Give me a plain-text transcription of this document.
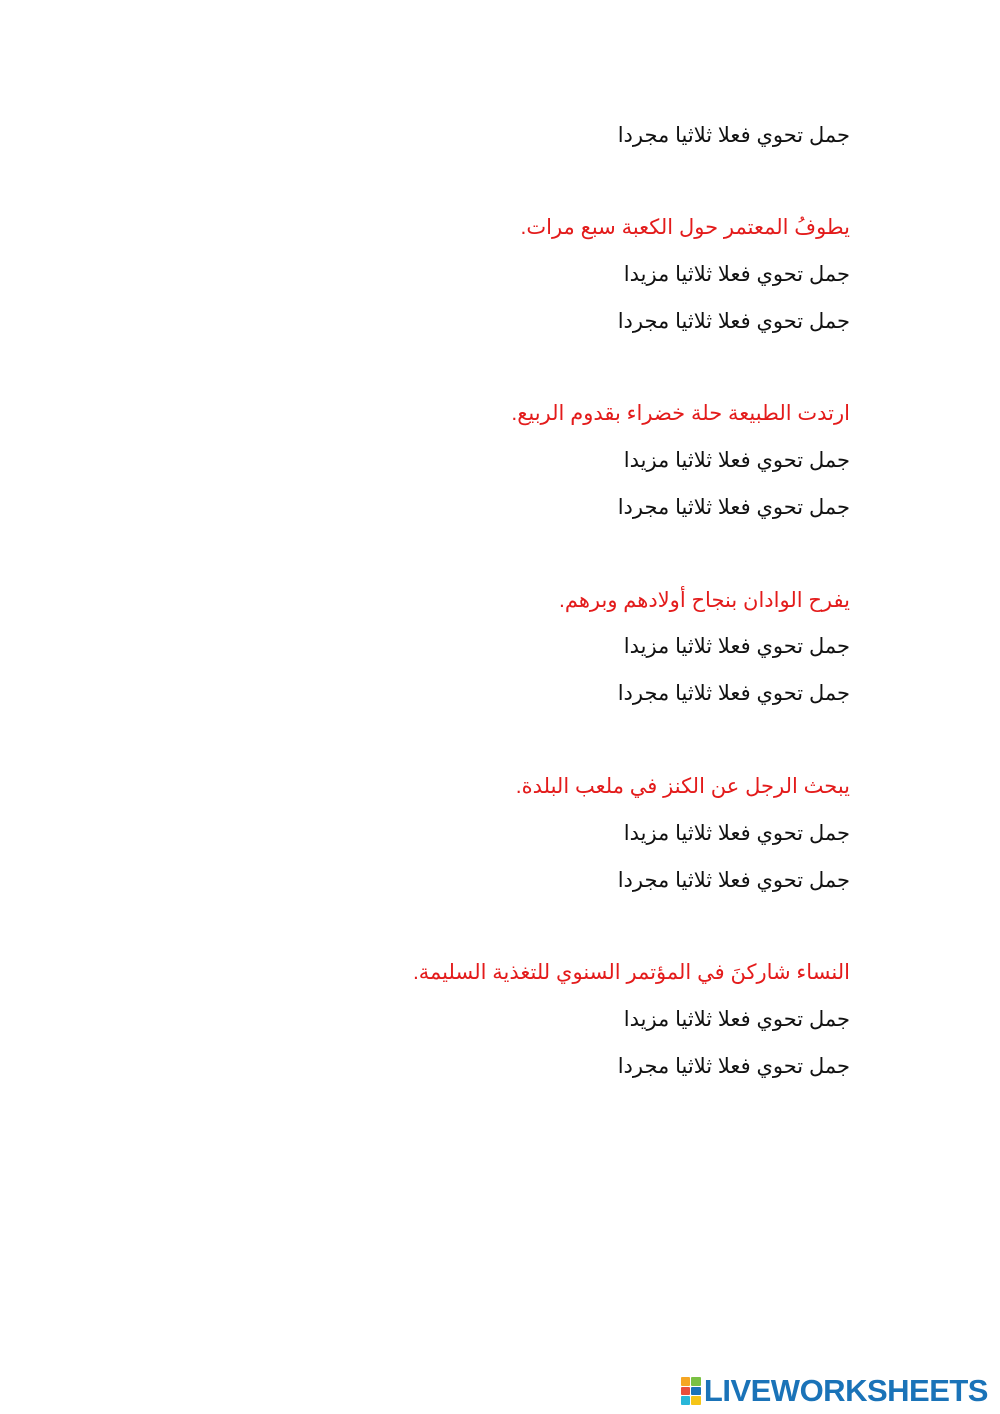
جمل تحوي فعلا ثلاثيا مجردا
يطوفُ المعتمر حول الكعبة سبع مرات.
جمل تحوي فعلا ثلاثيا مزيدا
جمل تحوي فعلا ثلاثيا مجردا
ارتدت الطبيعة حلة خضراء بقدوم الربيع.
جمل تحوي فعلا ثلاثيا مزيدا
جمل تحوي فعلا ثلاثيا مجردا
يفرح الوادان بنجاح أولادهم وبرهم.
جمل تحوي فعلا ثلاثيا مزيدا
جمل تحوي فعلا ثلاثيا مجردا
يبحث الرجل عن الكنز في ملعب البلدة.
جمل تحوي فعلا ثلاثيا مزيدا
جمل تحوي فعلا ثلاثيا مجردا
النساء شاركنَ في المؤتمر السنوي للتغذية السليمة.
جمل تحوي فعلا ثلاثيا مزيدا
جمل تحوي فعلا ثلاثيا مجردا
LIVEWORKSHEETS
